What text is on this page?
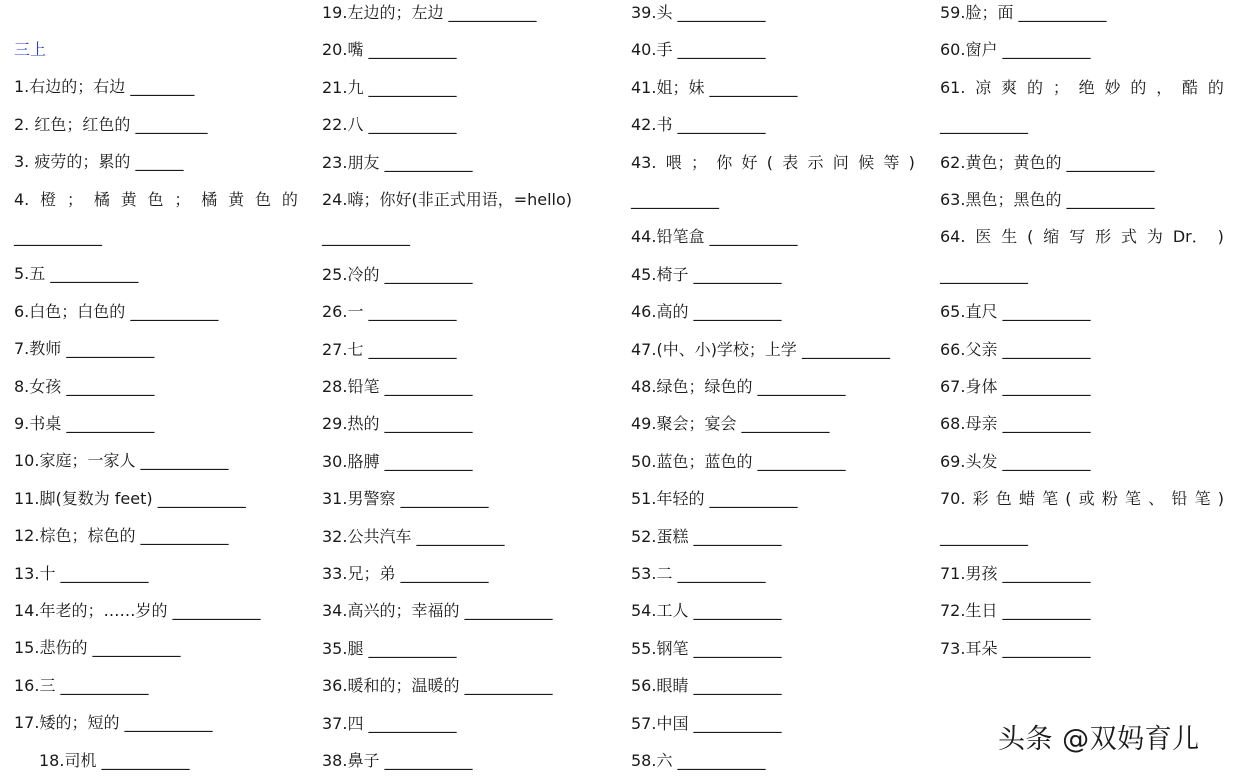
三上
1.右边的；右边 ________
2. 红色；红色的 _________
3. 疲劳的；累的 ______
4. 橙 ； 橘 黄 色 ； 橘 黄 色 的
___________
5.五 ___________
6.白色；白色的 ___________
7.教师 ___________
8.女孩 ___________
9.书桌 ___________
10.家庭；一家人 ___________
11.脚(复数为 feet) ___________
12.棕色；棕色的 ___________
13.十 ___________
14.年老的；……岁的 ___________
15.悲伤的 ___________
16.三 ___________
17.矮的；短的 ___________
18.司机 ___________
19.左边的；左边 ___________
20.嘴 ___________
21.九 ___________
22.八 ___________
23.朋友 ___________
24.嗨；你好(非正式用语，=hello)
___________
25.冷的 ___________
26.一 ___________
27.七 ___________
28.铅笔 ___________
29.热的 ___________
30.胳膊 ___________
31.男警察 ___________
32.公共汽车 ___________
33.兄；弟 ___________
34.高兴的；幸福的 ___________
35.腿 ___________
36.暖和的；温暖的 ___________
37.四 ___________
38.鼻子 ___________
39.头 ___________
40.手 ___________
41.姐；妹 ___________
42.书 ___________
43. 喂 ； 你 好 ( 表 示 问 候 等 )
___________
44.铅笔盒 ___________
45.椅子 ___________
46.高的 ___________
47.(中、小)学校；上学 ___________
48.绿色；绿色的 ___________
49.聚会；宴会 ___________
50.蓝色；蓝色的 ___________
51.年轻的 ___________
52.蛋糕 ___________
53.二 ___________
54.工人 ___________
55.钢笔 ___________
56.眼睛 ___________
57.中国 ___________
58.六 ___________
59.脸；面 ___________
60.窗户 ___________
61. 凉 爽 的 ； 绝 妙 的 ， 酷 的
___________
62.黄色；黄色的 ___________
63.黑色；黑色的 ___________
64. 医 生 ( 缩 写 形 式 为 Dr． )
___________
65.直尺 ___________
66.父亲 ___________
67.身体 ___________
68.母亲 ___________
69.头发 ___________
70. 彩 色 蜡 笔 ( 或 粉 笔 、 铅 笔 )
___________
71.男孩 ___________
72.生日 ___________
73.耳朵 ___________
头条 @双妈育儿
